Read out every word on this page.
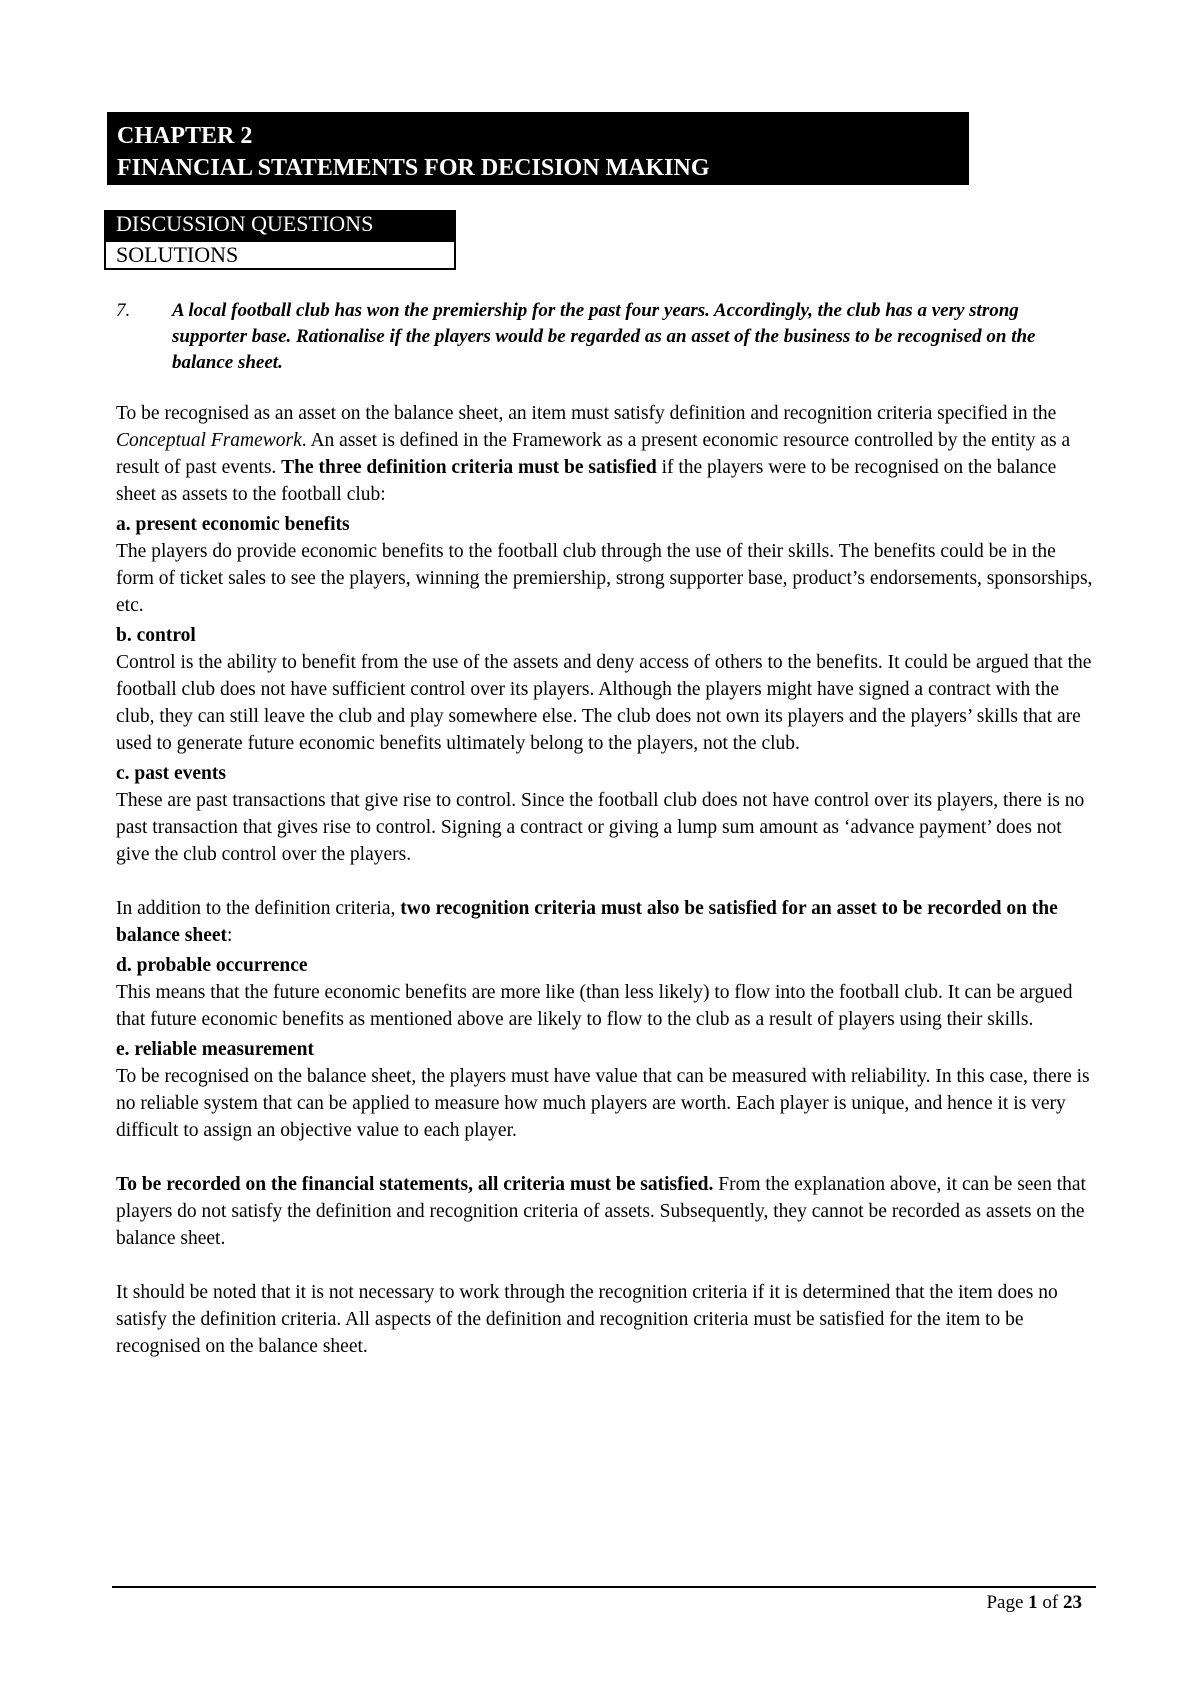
CHAPTER 2
FINANCIAL STATEMENTS FOR DECISION MAKING
DISCUSSION QUESTIONS
SOLUTIONS
7. A local football club has won the premiership for the past four years. Accordingly, the club has a very strong supporter base. Rationalise if the players would be regarded as an asset of the business to be recognised on the balance sheet.

To be recognised as an asset on the balance sheet, an item must satisfy definition and recognition criteria specified in the Conceptual Framework. An asset is defined in the Framework as a present economic resource controlled by the entity as a result of past events. The three definition criteria must be satisfied if the players were to be recognised on the balance sheet as assets to the football club:

a. present economic benefits

The players do provide economic benefits to the football club through the use of their skills. The benefits could be in the form of ticket sales to see the players, winning the premiership, strong supporter base, product’s endorsements, sponsorships, etc.

b. control

Control is the ability to benefit from the use of the assets and deny access of others to the benefits. It could be argued that the football club does not have sufficient control over its players. Although the players might have signed a contract with the club, they can still leave the club and play somewhere else. The club does not own its players and the players’ skills that are used to generate future economic benefits ultimately belong to the players, not the club.

c. past events

These are past transactions that give rise to control. Since the football club does not have control over its players, there is no past transaction that gives rise to control. Signing a contract or giving a lump sum amount as ‘advance payment’ does not give the club control over the players.

In addition to the definition criteria, two recognition criteria must also be satisfied for an asset to be recorded on the balance sheet:

d. probable occurrence

This means that the future economic benefits are more like (than less likely) to flow into the football club. It can be argued that future economic benefits as mentioned above are likely to flow to the club as a result of players using their skills.

e. reliable measurement

To be recognised on the balance sheet, the players must have value that can be measured with reliability. In this case, there is no reliable system that can be applied to measure how much players are worth. Each player is unique, and hence it is very difficult to assign an objective value to each player.

To be recorded on the financial statements, all criteria must be satisfied. From the explanation above, it can be seen that players do not satisfy the definition and recognition criteria of assets. Subsequently, they cannot be recorded as assets on the balance sheet.

It should be noted that it is not necessary to work through the recognition criteria if it is determined that the item does no satisfy the definition criteria. All aspects of the definition and recognition criteria must be satisfied for the item to be recognised on the balance sheet.

Page 1 of 23
